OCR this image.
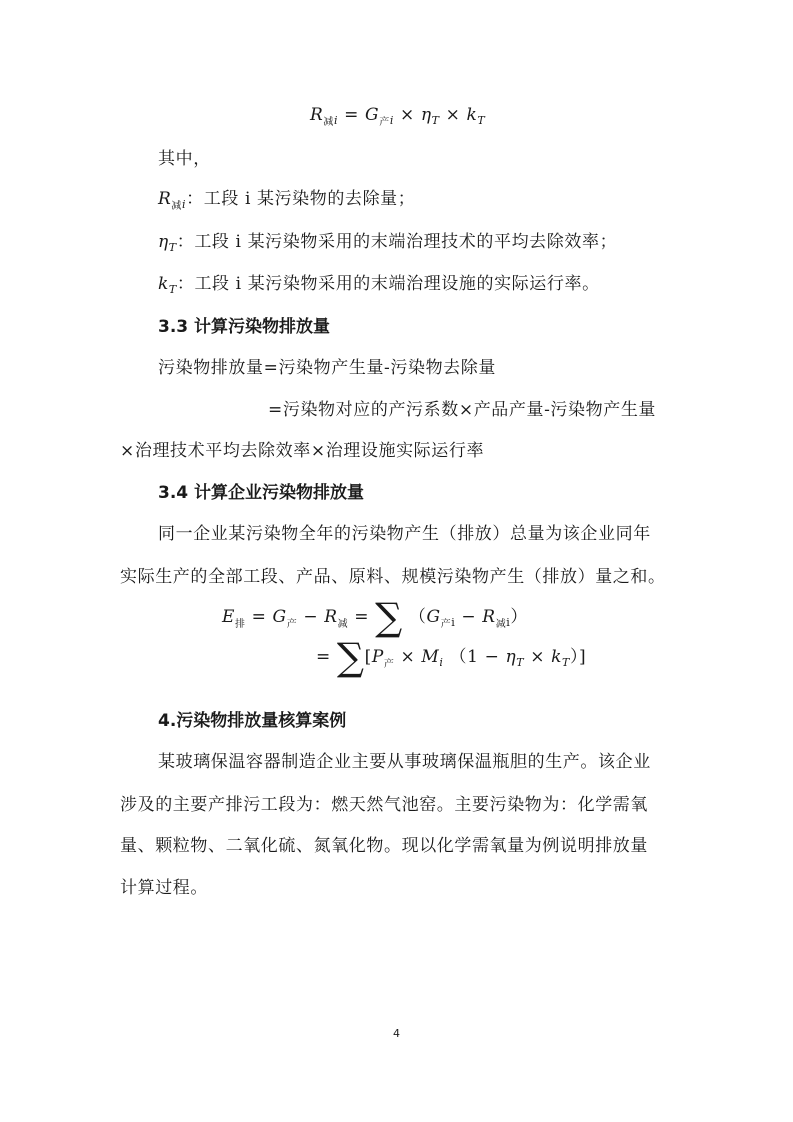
$R_{减i} = G_{产i} \times \eta_T \times k_T$
其中，
$R_{减i}$：工段 i 某污染物的去除量；
$\eta_T$：工段 i 某污染物采用的末端治理技术的平均去除效率；
$k_T$：工段 i 某污染物采用的末端治理设施的实际运行率。
3.3 计算污染物排放量
污染物排放量=污染物产生量-污染物去除量
=污染物对应的产污系数×产品产量-污染物产生量
×治理技术平均去除效率×治理设施实际运行率
3.4 计算企业污染物排放量
同一企业某污染物全年的污染物产生（排放）总量为该企业同年
实际生产的全部工段、产品、原料、规模污染物产生（排放）量之和。
$E_排 = G_产 - R_减$ = ∑ $(G_{产i} - R_{减i})$
= $\sum[P_产 \times M_i$ $(1 - \eta_T \times k_T)$]
4.污染物排放量核算案例
某玻璃保温容器制造企业主要从事玻璃保温瓶胆的生产。该企业
涉及的主要产排污工段为：燃天然气池窑。主要污染物为：化学需氧
量、颗粒物、二氧化硫、氮氧化物。现以化学需氧量为例说明排放量
计算过程。
4
